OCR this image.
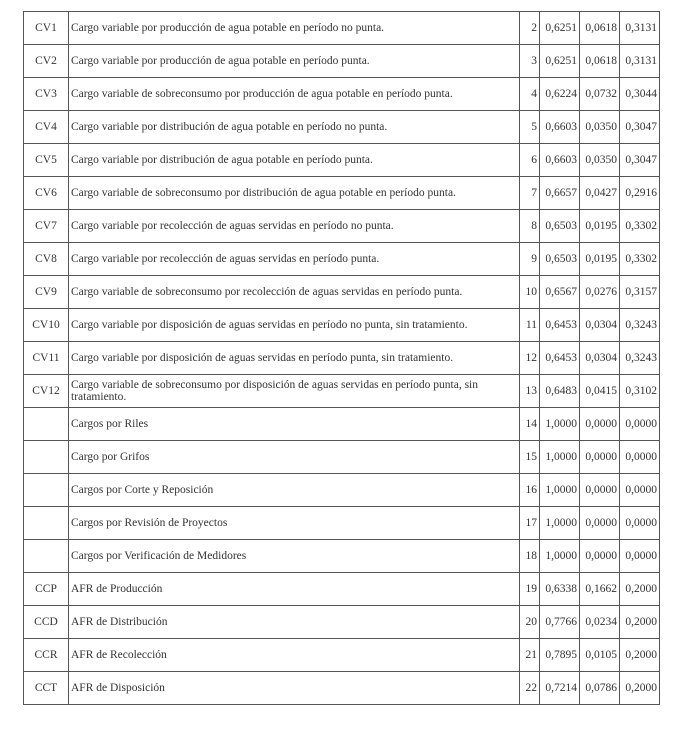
CV1	Cargo variable por producción de agua potable en período no punta.	2	0,6251	0,0618	0,3131
CV2	Cargo variable por producción de agua potable en período punta.	3	0,6251	0,0618	0,3131
CV3	Cargo variable de sobreconsumo por producción de agua potable en período punta.	4	0,6224	0,0732	0,3044
CV4	Cargo variable por distribución de agua potable en período no punta.	5	0,6603	0,0350	0,3047
CV5	Cargo variable por distribución de agua potable en período punta.	6	0,6603	0,0350	0,3047
CV6	Cargo variable de sobreconsumo por distribución de agua potable en período punta.	7	0,6657	0,0427	0,2916
CV7	Cargo variable por recolección de aguas servidas en período no punta.	8	0,6503	0,0195	0,3302
CV8	Cargo variable por recolección de aguas servidas en período punta.	9	0,6503	0,0195	0,3302
CV9	Cargo variable de sobreconsumo por recolección de aguas servidas en período punta.	10	0,6567	0,0276	0,3157
CV10	Cargo variable por disposición de aguas servidas en período no punta, sin tratamiento.	11	0,6453	0,0304	0,3243
CV11	Cargo variable por disposición de aguas servidas en período punta, sin tratamiento.	12	0,6453	0,0304	0,3243
CV12	Cargo variable de sobreconsumo por disposición de aguas servidas en período punta, sin tratamiento.	13	0,6483	0,0415	0,3102
	Cargos por Riles	14	1,0000	0,0000	0,0000
	Cargo por Grifos	15	1,0000	0,0000	0,0000
	Cargos por Corte y Reposición	16	1,0000	0,0000	0,0000
	Cargos por Revisión de Proyectos	17	1,0000	0,0000	0,0000
	Cargos por Verificación de Medidores	18	1,0000	0,0000	0,0000
CCP	AFR de Producción	19	0,6338	0,1662	0,2000
CCD	AFR de Distribución	20	0,7766	0,0234	0,2000
CCR	AFR de Recolección	21	0,7895	0,0105	0,2000
CCT	AFR de Disposición	22	0,7214	0,0786	0,2000
